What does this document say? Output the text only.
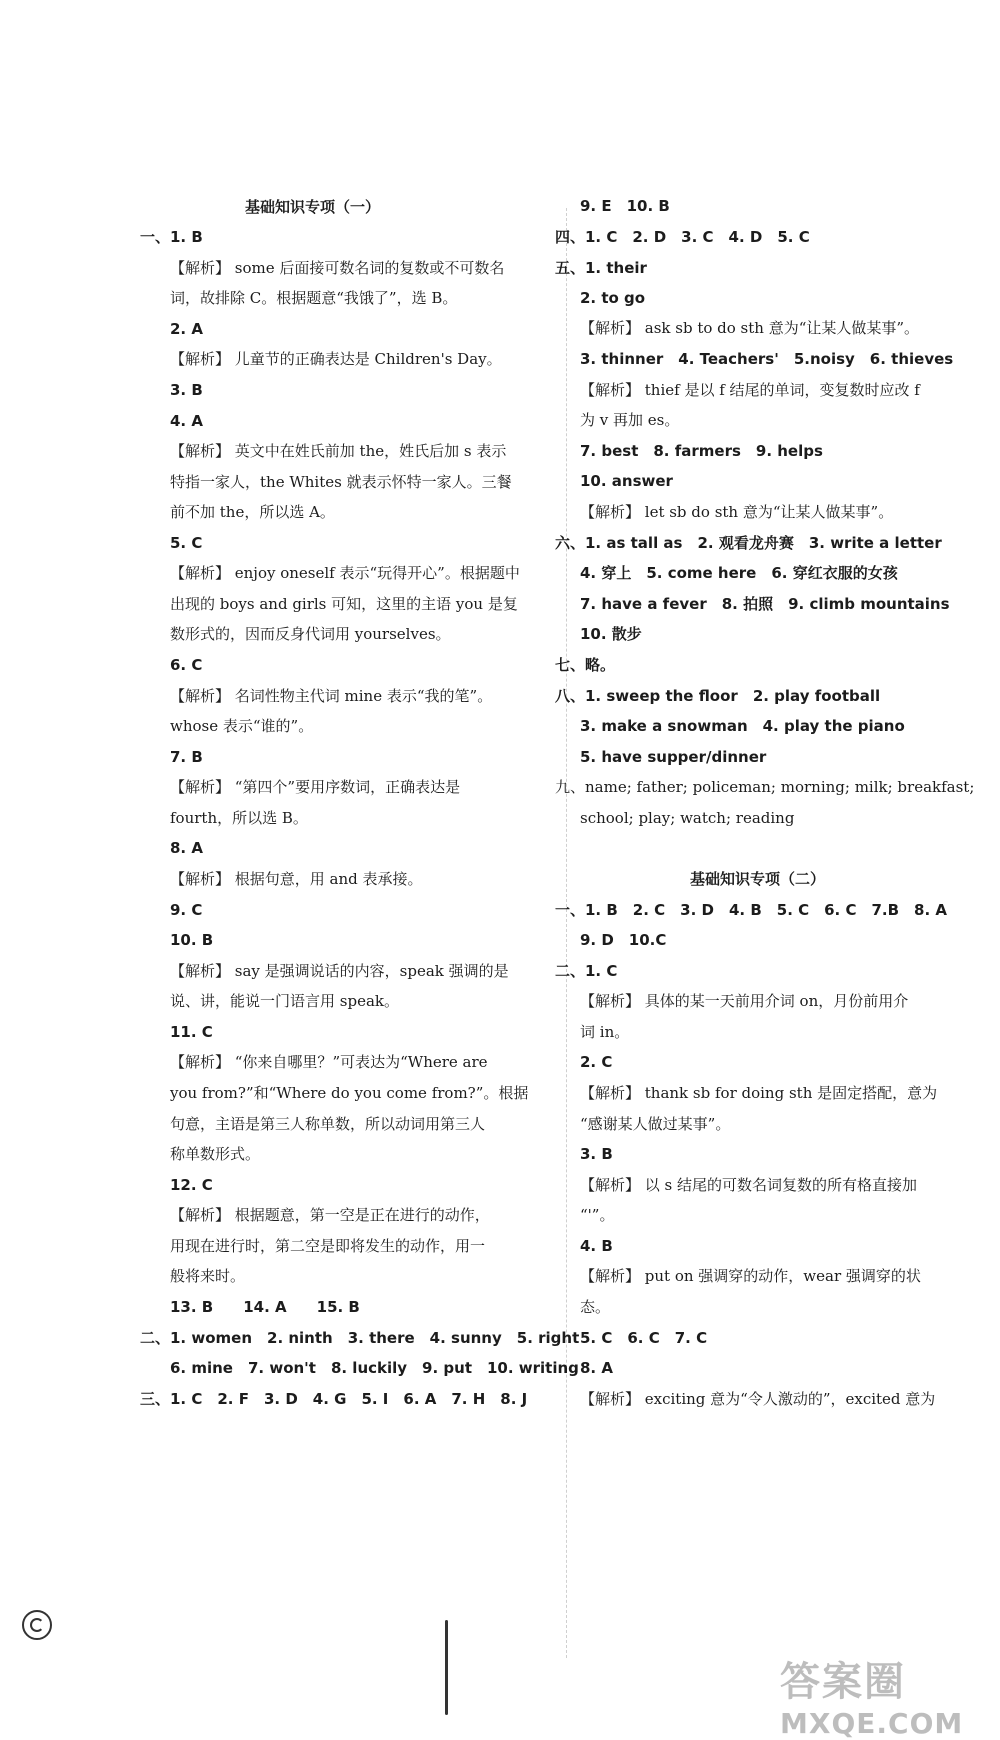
基础知识专项（一）
一、1. B
【解析】 some 后面接可数名词的复数或不可数名
词，故排除 C。根据题意“我饿了”，选 B。
2. A
【解析】 儿童节的正确表达是 Children's Day。
3. B
4. A
【解析】 英文中在姓氏前加 the，姓氏后加 s 表示
特指一家人，the Whites 就表示怀特一家人。三餐
前不加 the，所以选 A。
5. C
【解析】 enjoy oneself 表示“玩得开心”。根据题中
出现的 boys and girls 可知，这里的主语 you 是复
数形式的，因而反身代词用 yourselves。
6. C
【解析】 名词性物主代词 mine 表示“我的笔”。
whose 表示“谁的”。
7. B
【解析】 “第四个”要用序数词，正确表达是
fourth，所以选 B。
8. A
【解析】 根据句意，用 and 表承接。
9. C
10. B
【解析】 say 是强调说话的内容，speak 强调的是
说、讲，能说一门语言用 speak。
11. C
【解析】 “你来自哪里？”可表达为“Where are
you from?”和“Where do you come from?”。根据
句意，主语是第三人称单数，所以动词用第三人
称单数形式。
12. C
【解析】 根据题意，第一空是正在进行的动作，
用现在进行时，第二空是即将发生的动作，用一
般将来时。
13. B　　14. A　　15. B
二、1. women　2. ninth　3. there　4. sunny　5. right
6. mine　7. won't　8. luckily　9. put　10. writing
三、1. C　2. F　3. D　4. G　5. I　6. A　7. H　8. J
9. E　10. B
四、1. C　2. D　3. C　4. D　5. C
五、1. their
2. to go
【解析】 ask sb to do sth 意为“让某人做某事”。
3. thinner　4. Teachers'　5.noisy　6. thieves
【解析】 thief 是以 f 结尾的单词，变复数时应改 f
为 v 再加 es。
7. best　8. farmers　9. helps
10. answer
【解析】 let sb do sth 意为“让某人做某事”。
六、1. as tall as　2. 观看龙舟赛　3. write a letter
4. 穿上　5. come here　6. 穿红衣服的女孩
7. have a fever　8. 拍照　9. climb mountains
10. 散步
七、略。
八、1. sweep the floor　2. play football
3. make a snowman　4. play the piano
5. have supper/dinner
九、name; father; policeman; morning; milk; breakfast;
school; play; watch; reading
基础知识专项（二）
一、1. B　2. C　3. D　4. B　5. C　6. C　7.B　8. A
9. D　10.C
二、1. C
【解析】 具体的某一天前用介词 on，月份前用介
词 in。
2. C
【解析】 thank sb for doing sth 是固定搭配，意为
“感谢某人做过某事”。
3. B
【解析】 以 s 结尾的可数名词复数的所有格直接加
“'”。
4. B
【解析】 put on 强调穿的动作，wear 强调穿的状
态。
5. C　6. C　7. C
8. A
【解析】 exciting 意为“令人激动的”，excited 意为
答案圈
MXQE.COM
